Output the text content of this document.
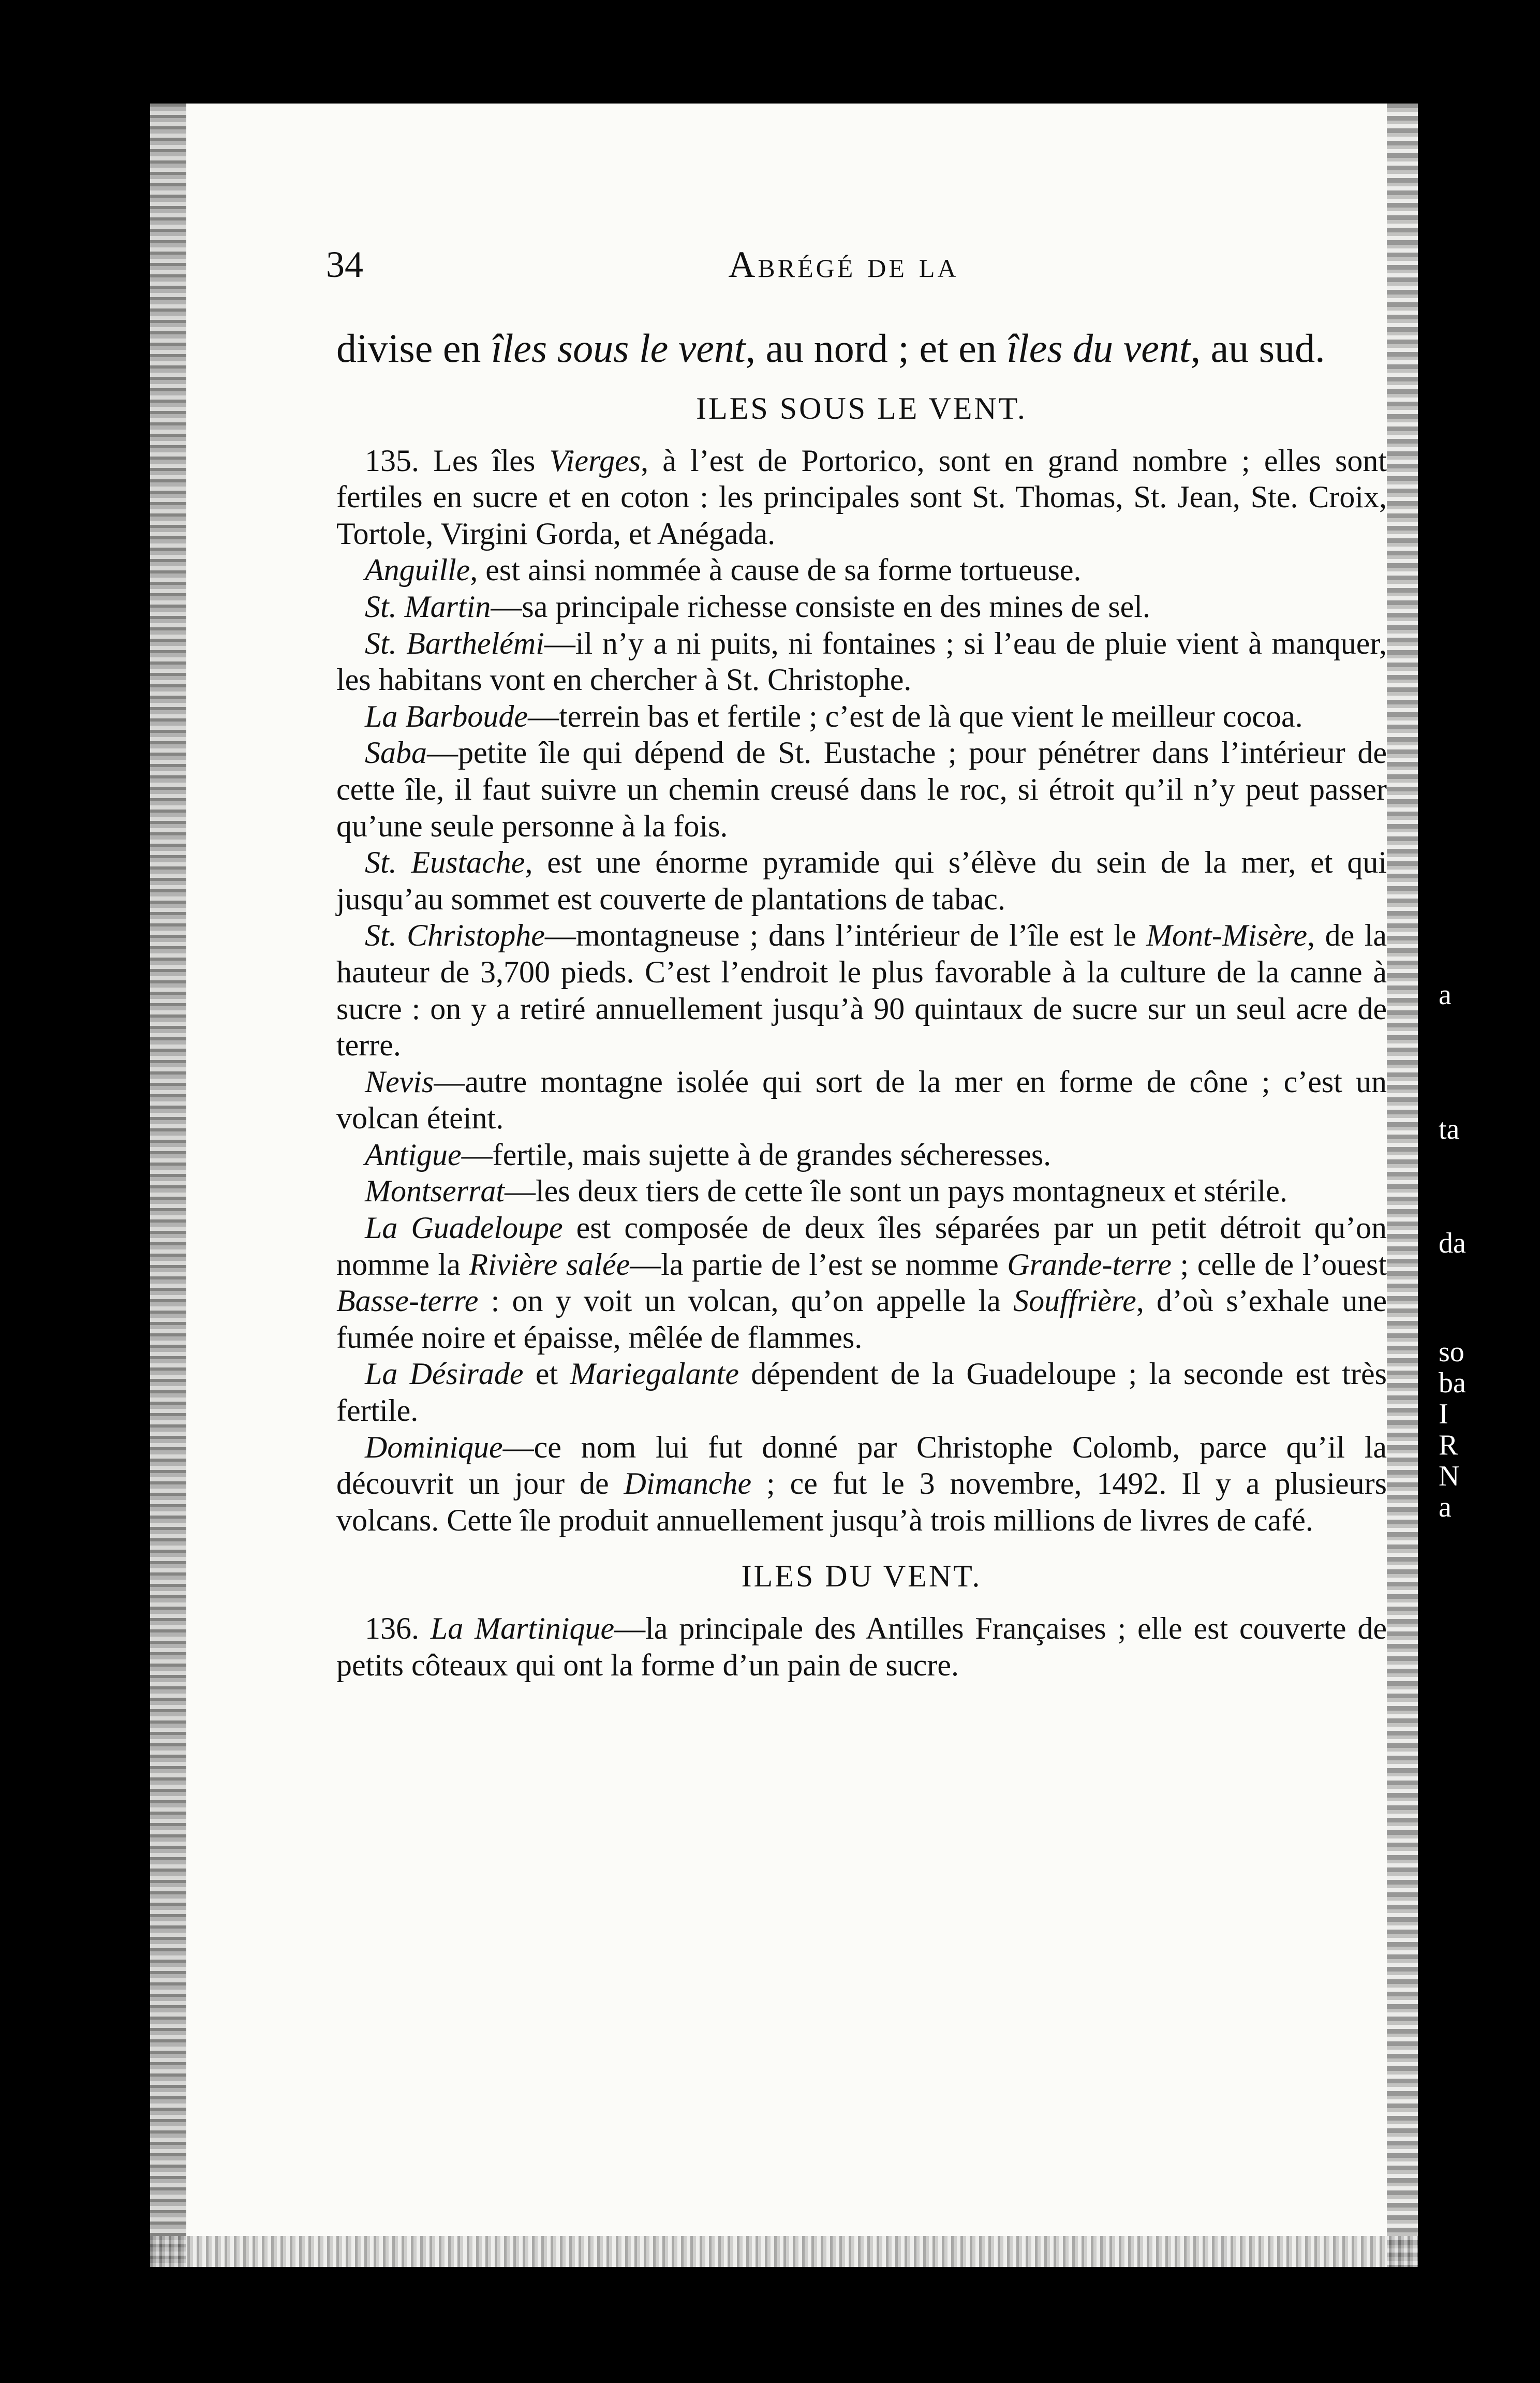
34	Abrégé de la

divise en îles sous le vent, au nord ; et en îles du vent, au sud.

ILES SOUS LE VENT.

135. Les îles Vierges, à l’est de Portorico, sont en grand nombre ; elles sont fertiles en sucre et en coton : les principales sont St. Thomas, St. Jean, Ste. Croix, Tortole, Virgini Gorda, et Anégada.

Anguille, est ainsi nommée à cause de sa forme tortueuse.

St. Martin—sa principale richesse consiste en des mines de sel.

St. Barthelémi—il n’y a ni puits, ni fontaines ; si l’eau de pluie vient à manquer, les habitans vont en chercher à St. Christophe.

La Barboude—terrein bas et fertile ; c’est de là que vient le meilleur cocoa.

Saba—petite île qui dépend de St. Eustache ; pour pénétrer dans l’intérieur de cette île, il faut suivre un chemin creusé dans le roc, si étroit qu’il n’y peut passer qu’une seule personne à la fois.

St. Eustache, est une énorme pyramide qui s’élève du sein de la mer, et qui jusqu’au sommet est couverte de plantations de tabac.

St. Christophe—montagneuse ; dans l’intérieur de l’île est le Mont-Misère, de la hauteur de 3,700 pieds. C’est l’endroit le plus favorable à la culture de la canne à sucre : on y a retiré annuellement jusqu’à 90 quintaux de sucre sur un seul acre de terre.

Nevis—autre montagne isolée qui sort de la mer en forme de cône ; c’est un volcan éteint.

Antigue—fertile, mais sujette à de grandes sécheresses.

Montserrat—les deux tiers de cette île sont un pays montagneux et stérile.

La Guadeloupe est composée de deux îles séparées par un petit détroit qu’on nomme la Rivière salée—la partie de l’est se nomme Grande-terre ; celle de l’ouest Basse-terre : on y voit un volcan, qu’on appelle la Souffrière, d’où s’exhale une fumée noire et épaisse, mêlée de flammes.

La Désirade et Mariegalante dépendent de la Guadeloupe ; la seconde est très fertile.

Dominique—ce nom lui fut donné par Christophe Colomb, parce qu’il la découvrit un jour de Dimanche ; ce fut le 3 novembre, 1492. Il y a plusieurs volcans. Cette île produit annuellement jusqu’à trois millions de livres de café.

ILES DU VENT.

136. La Martinique—la principale des Antilles Françaises ; elle est couverte de petits côteaux qui ont la forme d’un pain de sucre.

a
ta
da
so
ba
I
R
N
a
